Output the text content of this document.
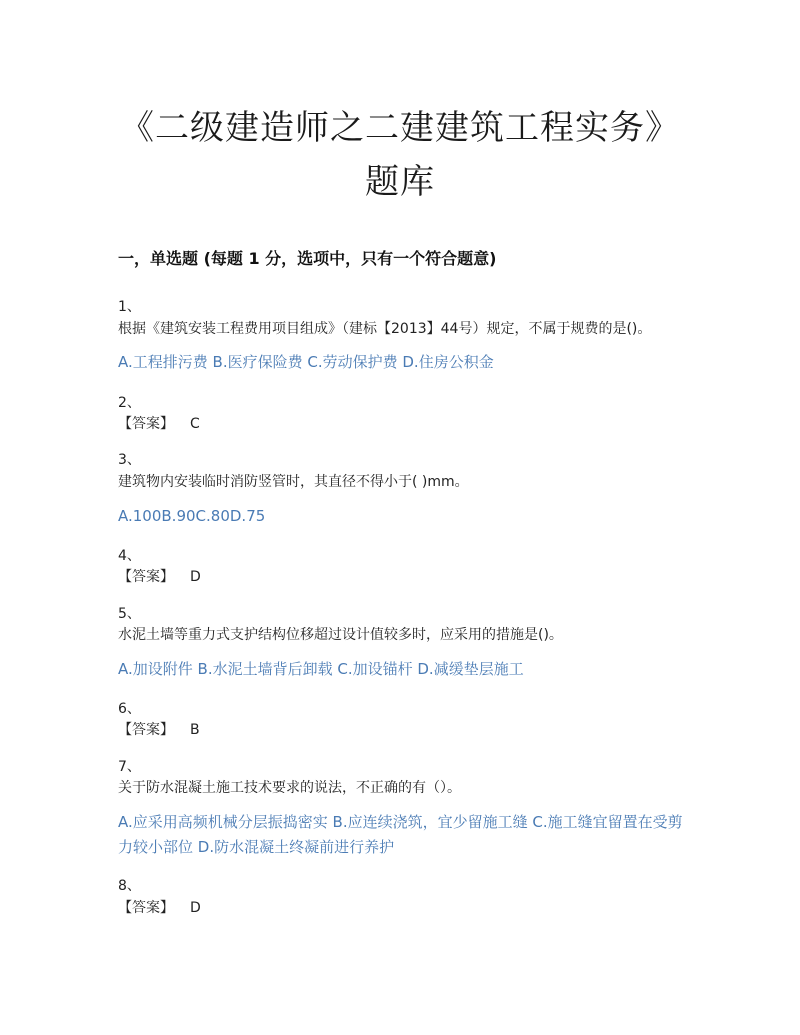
《二级建造师之二建建筑工程实务》
题库
一，单选题 (每题 1 分，选项中，只有一个符合题意)
1、
根据《建筑安装工程费用项目组成》（建标【2013】44号）规定，不属于规费的是()。
A.工程排污费 B.医疗保险费 C.劳动保护费 D.住房公积金
2、
【答案】 C
3、
建筑物内安装临时消防竖管时，其直径不得小于( )mm。
A.100B.90C.80D.75
4、
【答案】 D
5、
水泥土墙等重力式支护结构位移超过设计值较多时，应采用的措施是()。
A.加设附件 B.水泥土墙背后卸载 C.加设锚杆 D.减缓垫层施工
6、
【答案】 B
7、
关于防水混凝土施工技术要求的说法，不正确的有（）。
A.应采用高频机械分层振捣密实 B.应连续浇筑，宜少留施工缝 C.施工缝宜留置在受剪力较小部位 D.防水混凝土终凝前进行养护
8、
【答案】 D
